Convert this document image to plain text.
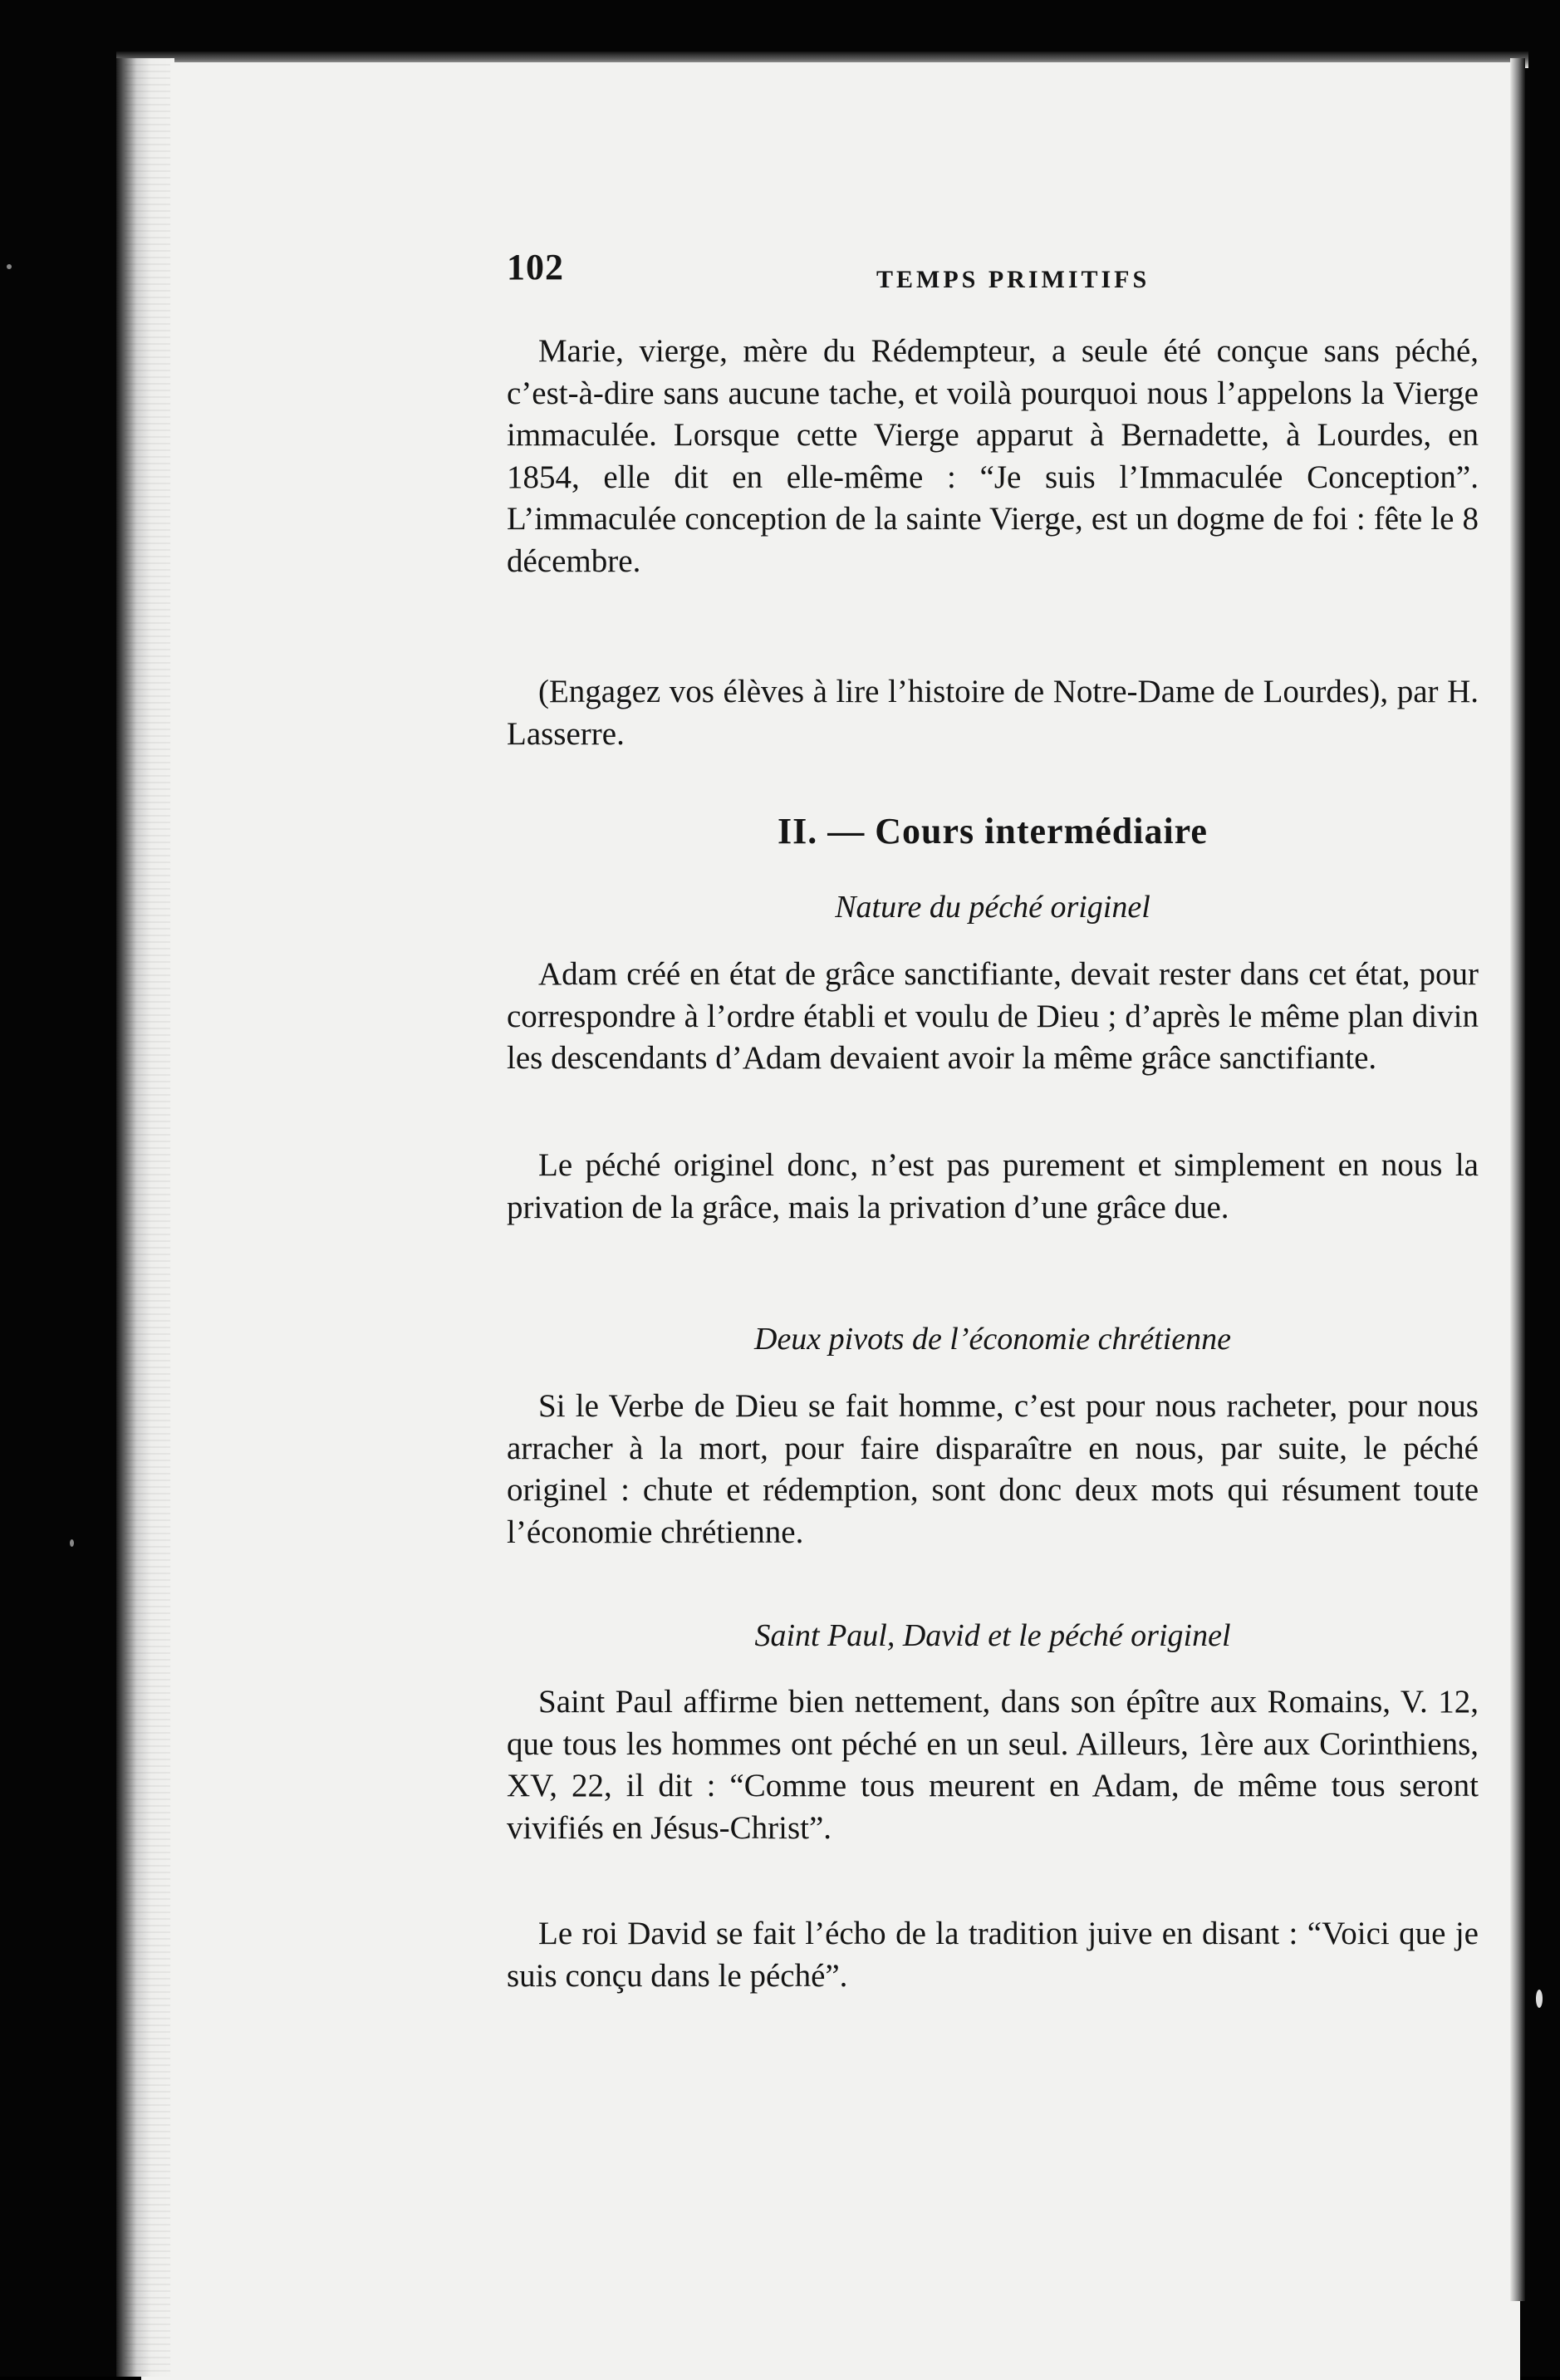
102	TEMPS PRIMITIFS
Marie, vierge, mère du Rédempteur, a seule été conçue sans péché, c’est-à-dire sans aucune tache, et voilà pourquoi nous l’appelons la Vierge immaculée. Lorsque cette Vierge apparut à Bernadette, à Lourdes, en 1854, elle dit en elle-même : “Je suis l’Immaculée Conception”. L’immaculée conception de la sainte Vierge, est un dogme de foi : fête le 8 décembre.
(Engagez vos élèves à lire l’histoire de Notre-Dame de Lourdes), par H. Lasserre.
II. — Cours intermédiaire
Nature du péché originel
Adam créé en état de grâce sanctifiante, devait rester dans cet état, pour correspondre à l’ordre établi et voulu de Dieu ; d’après le même plan divin les descendants d’Adam devaient avoir la même grâce sanctifiante.
Le péché originel donc, n’est pas purement et simplement en nous la privation de la grâce, mais la privation d’une grâce due.
Deux pivots de l’économie chrétienne
Si le Verbe de Dieu se fait homme, c’est pour nous racheter, pour nous arracher à la mort, pour faire disparaître en nous, par suite, le péché originel : chute et rédemption, sont donc deux mots qui résument toute l’économie chrétienne.
Saint Paul, David et le péché originel
Saint Paul affirme bien nettement, dans son épître aux Romains, V. 12, que tous les hommes ont péché en un seul. Ailleurs, 1ère aux Corinthiens, XV, 22, il dit : “Comme tous meurent en Adam, de même tous seront vivifiés en Jésus-Christ”.
Le roi David se fait l’écho de la tradition juive en disant : “Voici que je suis conçu dans le péché”.
